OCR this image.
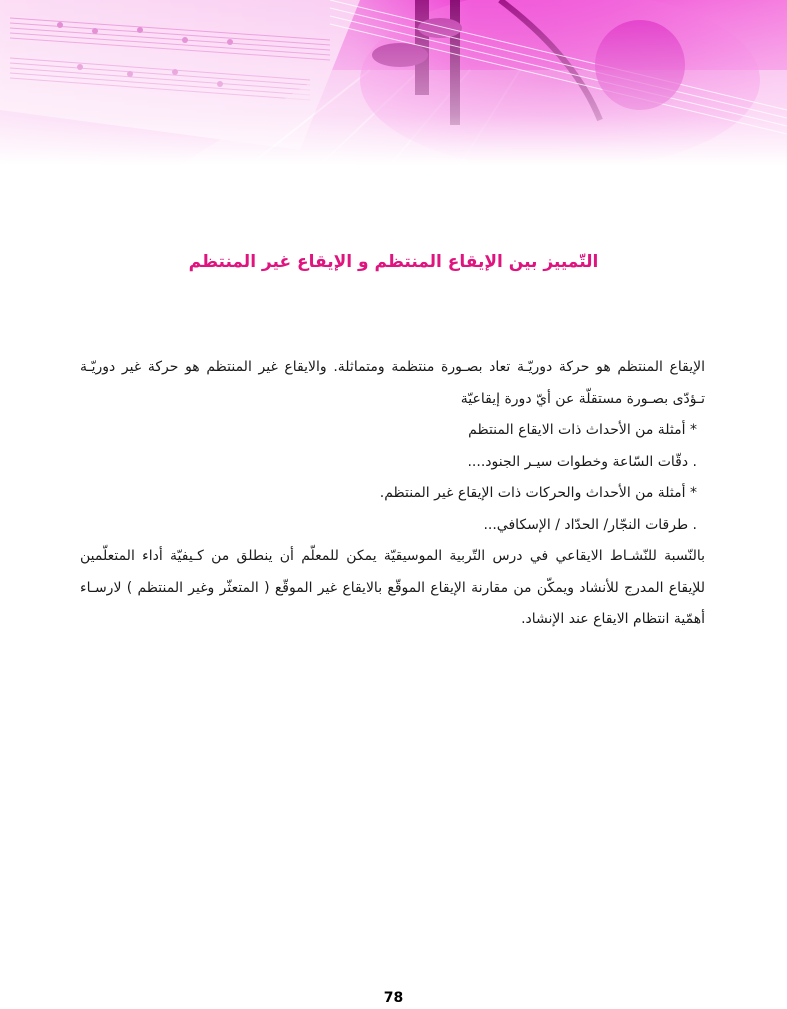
التّمييز بين الإيقاع المنتظم و الإيقاع غير المنتظم

الإيقاع المنتظم هو حركة دوريّـة تعاد بصـورة منتظمة ومتماثلة. والايقاع غير المنتظم هو حركة غير دوريّـة تـؤدّى بصـورة مستقلّة عن أيّ دورة إيقاعيّة

* أمثلة من الأحداث ذات الايقاع المنتظم

. دقّات السّاعة وخطوات سيـر الجنود....

* أمثلة من الأحداث والحركات ذات الإيقاع غير المنتظم.

. طرقات النجّار/ الحدّاد / الإسكافي...

بالنّسبة للنّشـاط الايقاعي في درس التّربية الموسيقيّة يمكن للمعلّم أن ينطلق من كـيفيّة أداء المتعلّمين للإيقاع المدرج للأنشاد ويمكّن من مقارنة الإيقاع الموقّع بالايقاع غير الموقّع ( المتعثّر وغير المنتظم ) لارسـاء أهمّية انتظام الايقاع عند الإنشاد.

78
